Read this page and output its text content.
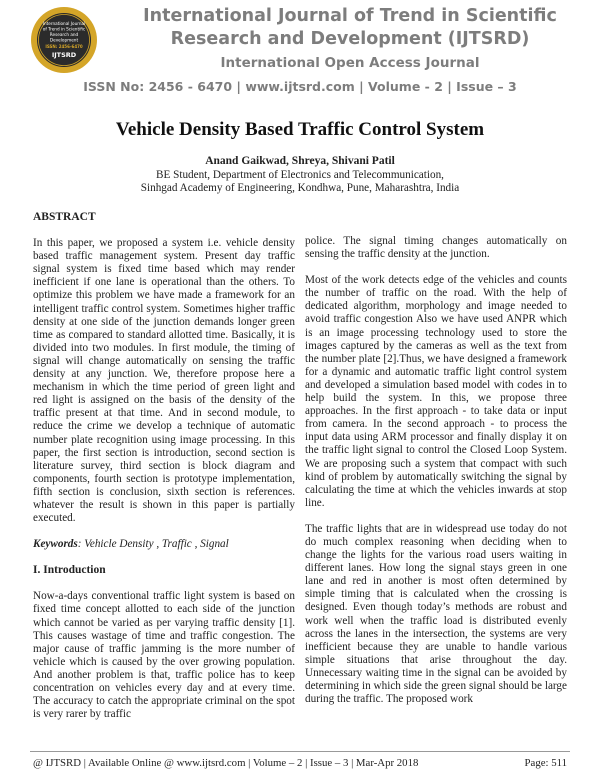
International Journal
of Trend in Scientific
Research and
Development
ISSN: 2456-6470
IJTSRD
International Journal of Trend in Scientific
Research and Development (IJTSRD)
International Open Access Journal
ISSN No: 2456 - 6470 | www.ijtsrd.com | Volume - 2 | Issue – 3
Vehicle Density Based Traffic Control System
Anand Gaikwad, Shreya, Shivani Patil
BE Student, Department of Electronics and Telecommunication,
Sinhgad Academy of Engineering, Kondhwa, Pune, Maharashtra, India
ABSTRACT

In this paper, we proposed a system i.e. vehicle density based traffic management system. Present day traffic signal system is fixed time based which may render inefficient if one lane is operational than the others. To optimize this problem we have made a framework for an intelligent traffic control system. Sometimes higher traffic density at one side of the junction demands longer green time as compared to standard allotted time. Basically, it is divided into two modules. In first module, the timing of signal will change automatically on sensing the traffic density at any junction. We, therefore propose here a mechanism in which the time period of green light and red light is assigned on the basis of the density of the traffic present at that time. And in second module, to reduce the crime we develop a technique of automatic number plate recognition using image processing. In this paper, the first section is introduction, second section is literature survey, third section is block diagram and components, fourth section is prototype implementation, fifth section is conclusion, sixth section is references. whatever the result is shown in this paper is partially executed.

Keywords: Vehicle Density , Traffic , Signal

I. Introduction

Now-a-days conventional traffic light system is based on fixed time concept allotted to each side of the junction which cannot be varied as per varying traffic density [1]. This causes wastage of time and traffic congestion. The major cause of traffic jamming is the more number of vehicle which is caused by the over growing population. And another problem is that, traffic police has to keep concentration on vehicles every day and at every time. The accuracy to catch the appropriate criminal on the spot is very rarer by traffic

police. The signal timing changes automatically on sensing the traffic density at the junction.

Most of the work detects edge of the vehicles and counts the number of traffic on the road. With the help of dedicated algorithm, morphology and image needed to avoid traffic congestion Also we have used ANPR which is an image processing technology used to store the images captured by the cameras as well as the text from the number plate [2].Thus, we have designed a framework for a dynamic and automatic traffic light control system and developed a simulation based model with codes in to help build the system. In this, we propose three approaches. In the first approach - to take data or input from camera. In the second approach - to process the input data using ARM processor and finally display it on the traffic light signal to control the Closed Loop System. We are proposing such a system that compact with such kind of problem by automatically switching the signal by calculating the time at which the vehicles inwards at stop line.

The traffic lights that are in widespread use today do not do much complex reasoning when deciding when to change the lights for the various road users waiting in different lanes. How long the signal stays green in one lane and red in another is most often determined by simple timing that is calculated when the crossing is designed. Even though today’s methods are robust and work well when the traffic load is distributed evenly across the lanes in the intersection, the systems are very inefficient because they are unable to handle various simple situations that arise throughout the day. Unnecessary waiting time in the signal can be avoided by determining in which side the green signal should be large during the traffic. The proposed work

@ IJTSRD | Available Online @ www.ijtsrd.com | Volume – 2 | Issue – 3 | Mar-Apr 2018	Page: 511
